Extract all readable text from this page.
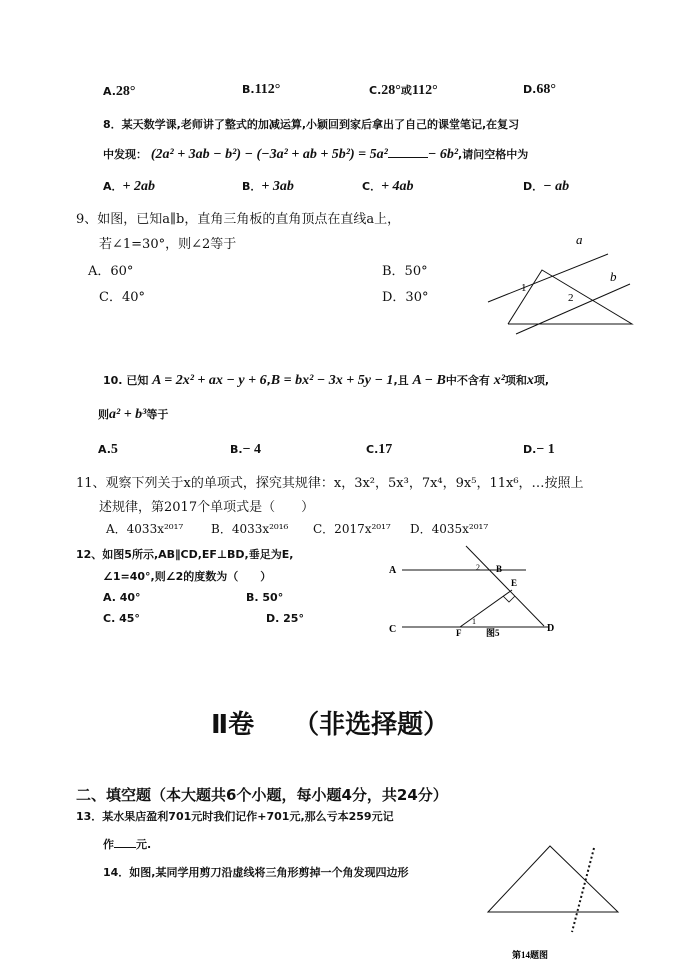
A.28°	B.112°	C.28°或112°	D.68°
8．某天数学课,老师讲了整式的加减运算,小颖回到家后拿出了自己的课堂笔记,在复习
中发现： (2a² + 3ab − b²) − (−3a² + ab + 5b²) = 5a²	− 6b²,请问空格中为
A．+ 2ab	B．+ 3ab	C．+ 4ab	D．− ab
9、如图，已知a∥b，直角三角板的直角顶点在直线a上，
若∠1=30°，则∠2等于
A．60°	B．50°
C．40°	D．30°
a
b
1
2
10. 已知 A = 2x² + ax − y + 6,B = bx² − 3x + 5y − 1,且 A − B中不含有 x²项和x项,
则a² + b³等于
A.5	B.− 4	C.17	D.− 1
11、观察下列关于x的单项式，探究其规律：x，3x²，5x³，7x⁴，9x⁵，11x⁶，…按照上
述规律，第2017个单项式是（　　）
A．4033x²⁰¹⁷ B．4033x²⁰¹⁶ C．2017x²⁰¹⁷ D．4035x²⁰¹⁷
12、如图5所示,AB∥CD,EF⊥BD,垂足为E,
∠1=40°,则∠2的度数为（　　）
A. 40°	B. 50°
C. 45°	D. 25°
A	B
2
E
C	F
1
D
图5
Ⅱ卷　　（非选择题）
二、填空题（本大题共6个小题，每小题4分，共24分）
13．某水果店盈利701元时我们记作+701元,那么亏本259元记
作 元.
14．如图,某同学用剪刀沿虚线将三角形剪掉一个角发现四边形
第14题图
